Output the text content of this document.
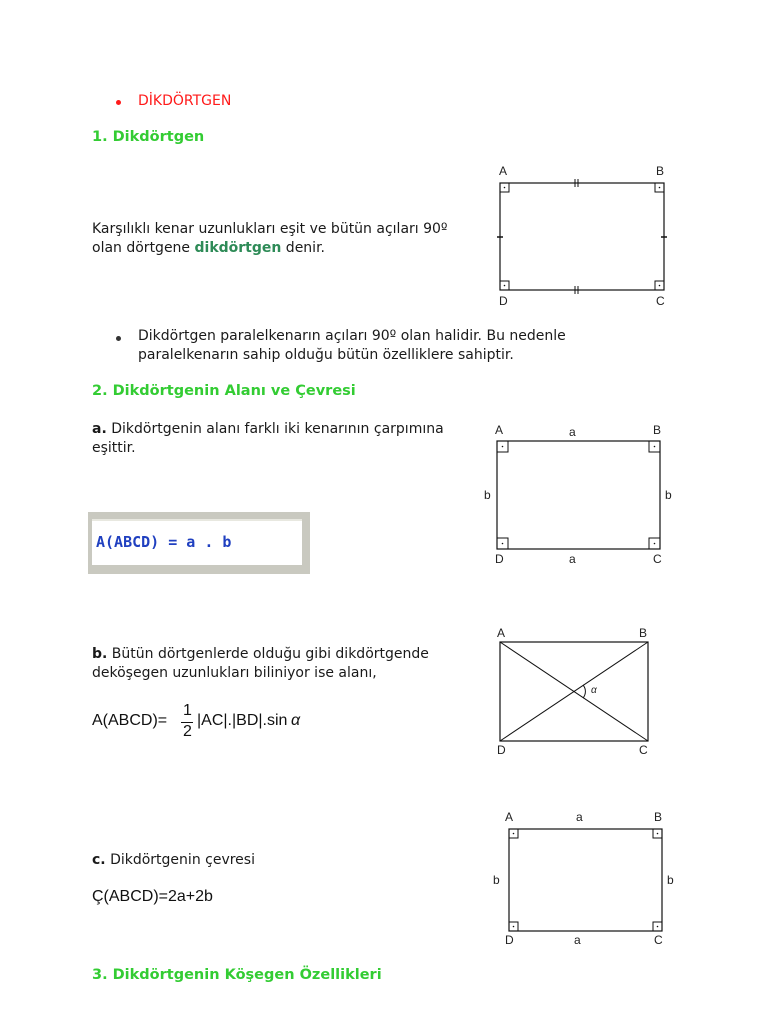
DİKDÖRTGEN
1. Dikdörtgen
Karşılıklı kenar uzunlukları eşit ve bütün açıları 90º olan dörtgene dikdörtgen denir.
A	B
D	C
Dikdörtgen paralelkenarın açıları 90º olan halidir. Bu nedenle paralelkenarın sahip olduğu bütün özelliklere sahiptir.
2. Dikdörtgenin Alanı ve Çevresi
a. Dikdörtgenin alanı farklı iki kenarının çarpımına eşittir.
A(ABCD) = a . b
A	a	B
b	b
D	a	C
b. Bütün dörtgenlerde olduğu gibi dikdörtgende deköşegen uzunlukları biliniyor ise alanı,
A(ABCD)=
1
2
|AC|.|BD|.sin α
A	B
D	C
α
c. Dikdörtgenin çevresi
Ç(ABCD)=2a+2b
A	a	B
b	b
D	a	C
3. Dikdörtgenin Köşegen Özellikleri
